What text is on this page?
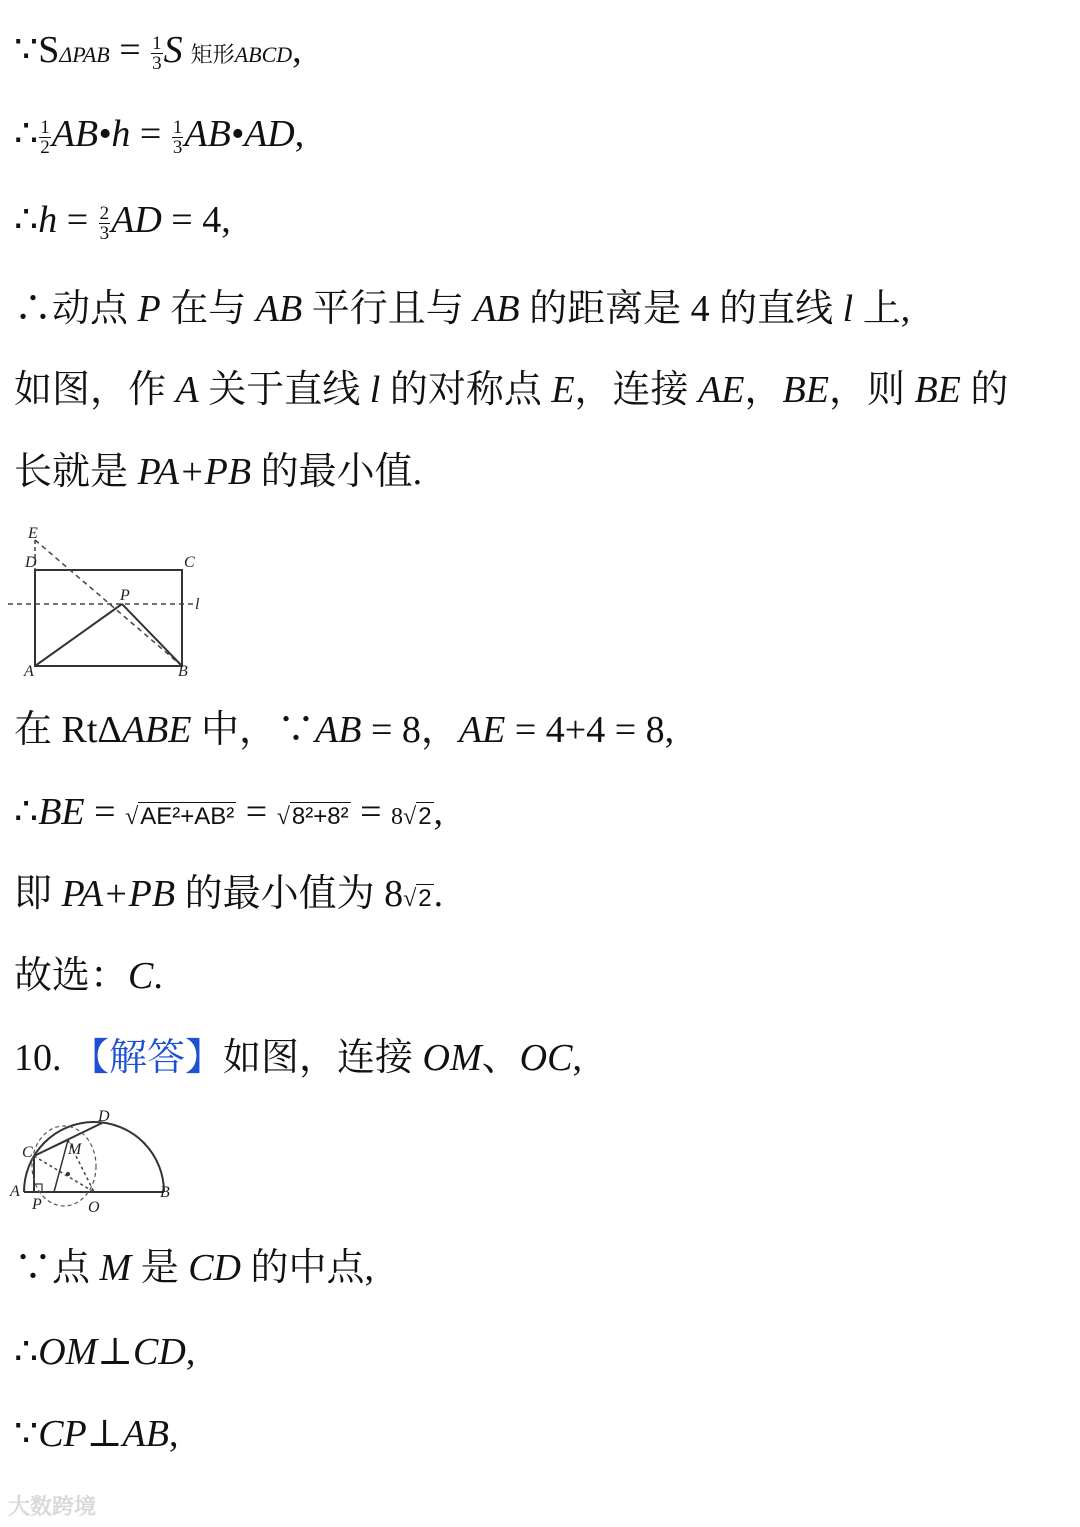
∵SΔPAB = $\frac{1}{3}$ S 矩形ABCD,
∴ $\frac{1}{2}$ AB•h = $\frac{1}{3}$ AB•AD,
∴h = $\frac{2}{3}$ AD = 4,
∴动点 P 在与 AB 平行且与 AB 的距离是 4 的直线 l 上,
如图，作 A 关于直线 l 的对称点 E，连接 AE，BE，则 BE 的
长就是 PA+PB 的最小值.
E
D	C
P
l
A	B
在 RtΔABE 中，∵AB = 8，AE = 4+4 = 8,
∴BE = √AE²+AB² = √8²+8² = 8√2,
即 PA+PB 的最小值为 8√2.
故选：C.
10. 【解答】如图，连接 OM、OC,
D
C M
A
P	O
B
∵点 M 是 CD 的中点,
∴OM⊥CD,
∵CP⊥AB,
大数跨境
